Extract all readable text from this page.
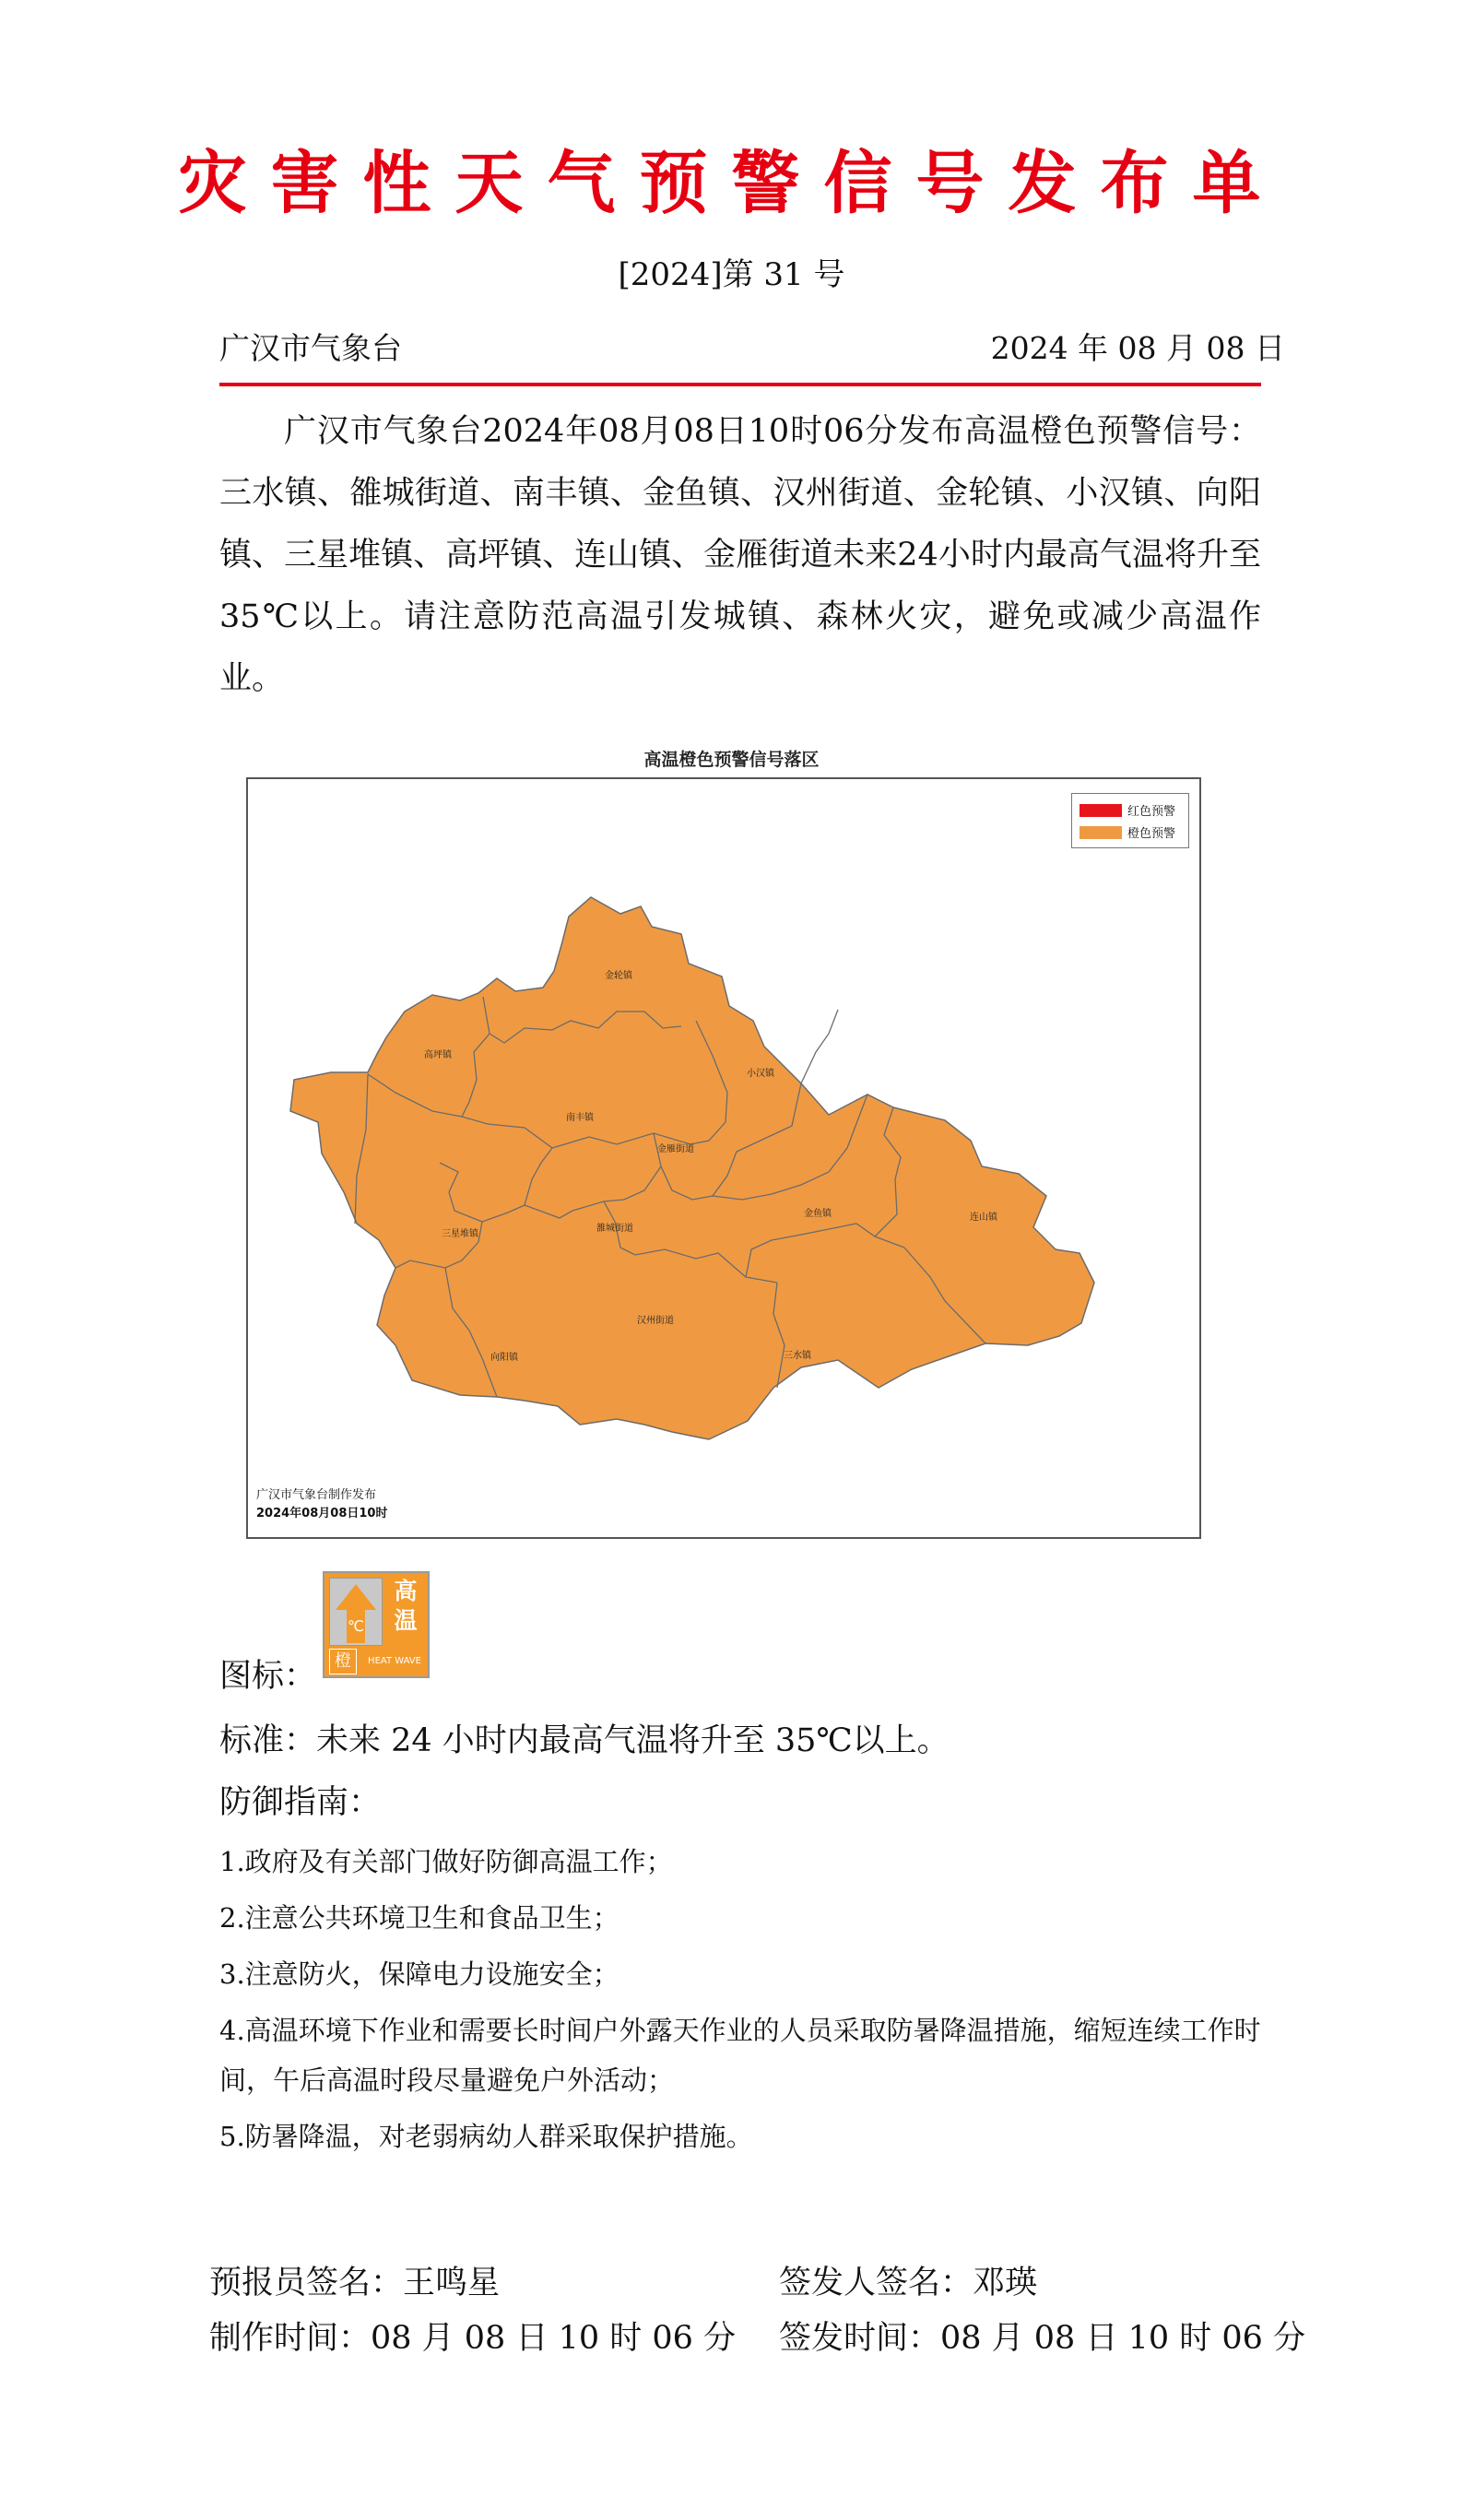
灾害性天气预警信号发布单
[2024]第 31 号
广汉市气象台	2024 年 08 月 08 日
广汉市气象台2024年08月08日10时06分发布高温橙色预警信号：三水镇、雒城街道、南丰镇、金鱼镇、汉州街道、金轮镇、小汉镇、向阳镇、三星堆镇、高坪镇、连山镇、金雁街道未来24小时内最高气温将升至35℃以上。请注意防范高温引发城镇、森林火灾，避免或减少高温作业。
高温橙色预警信号落区
金轮镇
高坪镇
南丰镇
小汉镇
金雁街道
三星堆镇
雒城街道
金鱼镇	连山镇
汉州街道
向阳镇	三水镇
红色预警
橙色预警
广汉市气象台制作发布
2024年08月08日10时
图标：
℃
高
温
橙	HEAT WAVE
标准：未来 24 小时内最高气温将升至 35℃以上。
防御指南：
1.政府及有关部门做好防御高温工作；
2.注意公共环境卫生和食品卫生；
3.注意防火，保障电力设施安全；
4.高温环境下作业和需要长时间户外露天作业的人员采取防暑降温措施，缩短连续工作时间，午后高温时段尽量避免户外活动；
5.防暑降温，对老弱病幼人群采取保护措施。
预报员签名：王鸣星	签发人签名：邓瑛
制作时间：08 月 08 日 10 时 06 分 签发时间：08 月 08 日 10 时 06 分
